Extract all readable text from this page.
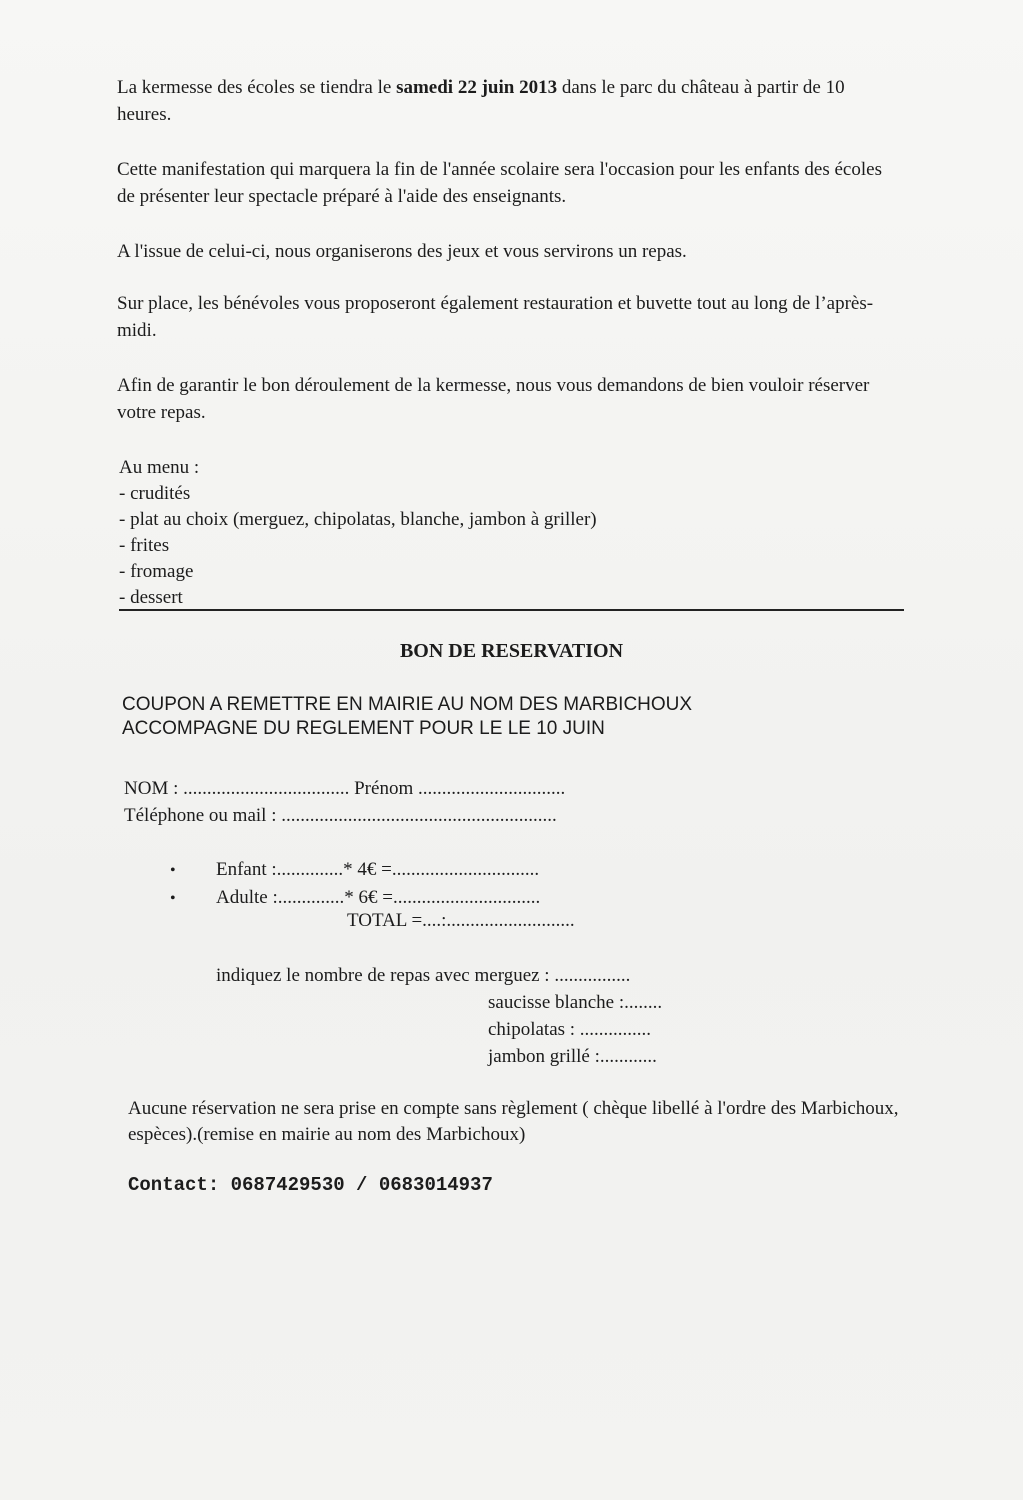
La kermesse des écoles se tiendra le samedi 22 juin 2013 dans le parc du château à partir de 10 heures.
Cette manifestation qui marquera la fin de l'année scolaire sera l'occasion pour les enfants des écoles de présenter leur spectacle préparé à l'aide des enseignants.
A l'issue de celui-ci, nous organiserons des jeux et vous servirons un repas.
Sur place, les bénévoles vous proposeront également restauration et buvette tout au long de l’après-midi.
Afin de garantir le bon déroulement de la kermesse, nous vous demandons de bien vouloir réserver votre repas.
Au menu :
- crudités
- plat au choix (merguez, chipolatas, blanche, jambon à griller)
- frites
- fromage
- dessert
BON DE RESERVATION
COUPON A REMETTRE EN MAIRIE AU NOM DES MARBICHOUX
ACCOMPAGNE DU REGLEMENT POUR LE LE 10 JUIN
NOM : ................................... Prénom ...............................
Téléphone ou mail : ..........................................................
•	Enfant :..............* 4€ =...............................
•	Adulte :..............* 6€ =...............................
TOTAL =....:...........................
indiquez le nombre de repas avec merguez : ................
saucisse blanche :........
chipolatas : ...............
jambon grillé :............
Aucune réservation ne sera prise en compte sans règlement ( chèque libellé à l'ordre des Marbichoux, espèces).(remise en mairie au nom des Marbichoux)
Contact: 0687429530 / 0683014937
